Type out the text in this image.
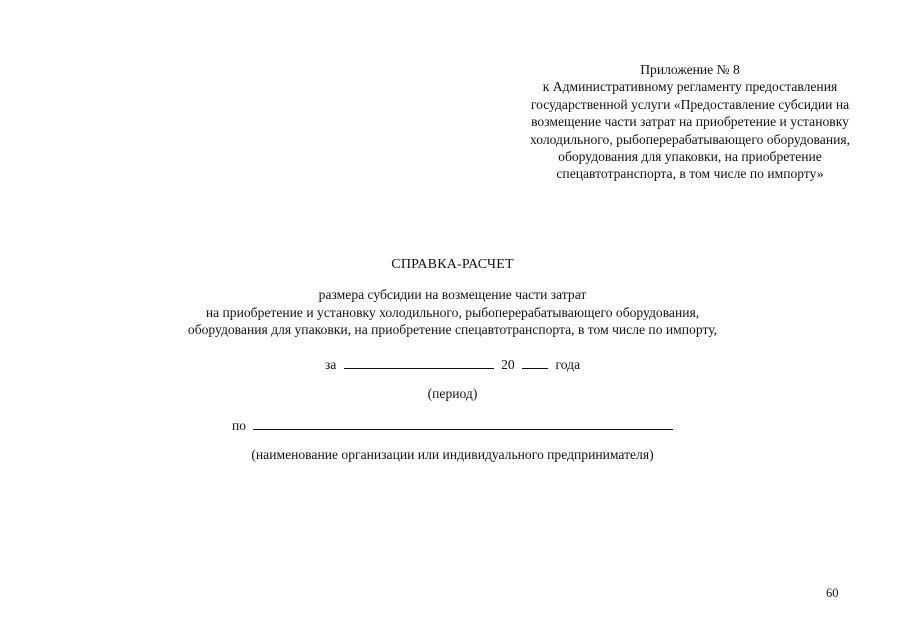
Приложение № 8
к Административному регламенту предоставления
государственной услуги «Предоставление субсидии на
возмещение части затрат на приобретение и установку
холодильного, рыбоперерабатывающего оборудования,
оборудования для упаковки, на приобретение
спецавтотранспорта, в том числе по импорту»
СПРАВКА-РАСЧЕТ
размера субсидии на возмещение части затрат
на приобретение и установку холодильного, рыбоперерабатывающего оборудования,
оборудования для упаковки, на приобретение спецавтотранспорта, в том числе по импорту,
за	20	года
(период)
по
(наименование организации или индивидуального предпринимателя)
60
